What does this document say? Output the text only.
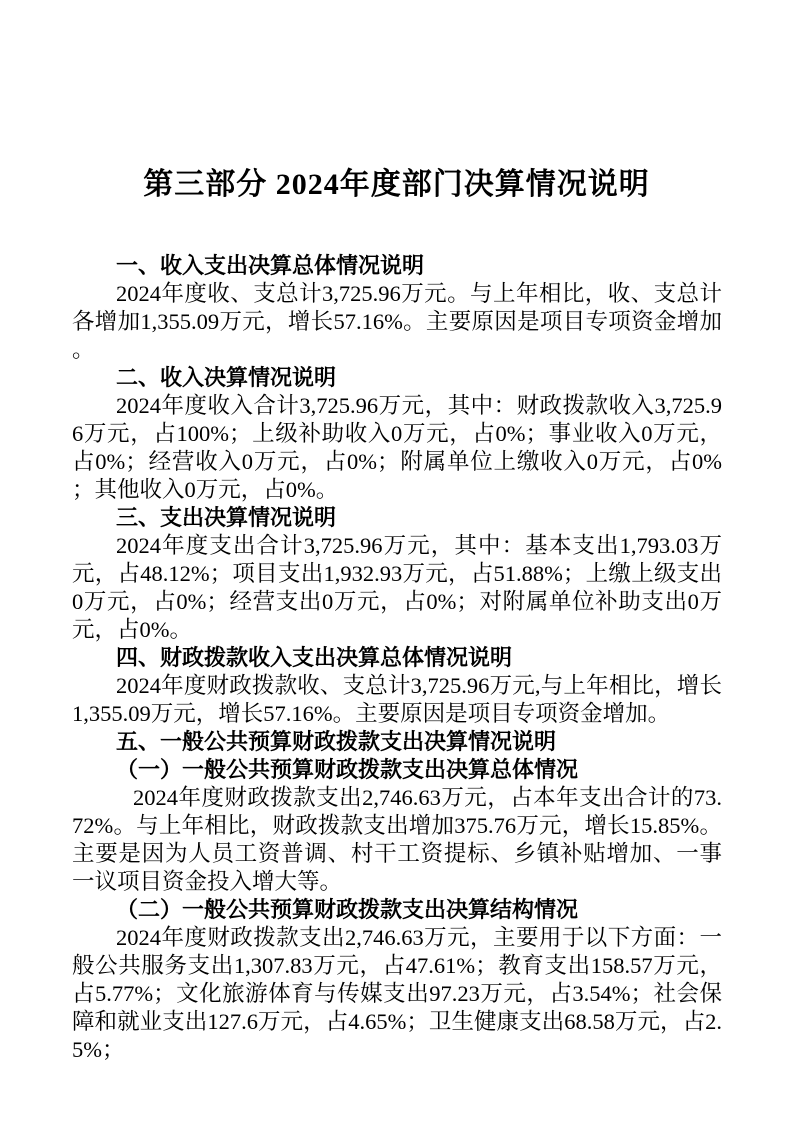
第三部分 2024年度部门决算情况说明
一、收入支出决算总体情况说明

2024年度收、支总计3,725.96万元。与上年相比，收、支总计各增加1,355.09万元，增长57.16%。主要原因是项目专项资金增加。

二、收入决算情况说明

2024年度收入合计3,725.96万元，其中：财政拨款收入3,725.96万元，占100%；上级补助收入0万元，占0%；事业收入0万元，占0%；经营收入0万元，占0%；附属单位上缴收入0万元，占0%；其他收入0万元，占0%。

三、支出决算情况说明

2024年度支出合计3,725.96万元，其中：基本支出1,793.03万元，占48.12%；项目支出1,932.93万元，占51.88%；上缴上级支出0万元，占0%；经营支出0万元，占0%；对附属单位补助支出0万元，占0%。

四、财政拨款收入支出决算总体情况说明

2024年度财政拨款收、支总计3,725.96万元,与上年相比，增长1,355.09万元，增长57.16%。主要原因是项目专项资金增加。

五、一般公共预算财政拨款支出决算情况说明
（一）一般公共预算财政拨款支出决算总体情况

2024年度财政拨款支出2,746.63万元，占本年支出合计的73.72%。与上年相比，财政拨款支出增加375.76万元，增长15.85%。主要是因为人员工资普调、村干工资提标、乡镇补贴增加、一事一议项目资金投入增大等。

（二）一般公共预算财政拨款支出决算结构情况

2024年度财政拨款支出2,746.63万元，主要用于以下方面：一般公共服务支出1,307.83万元，占47.61%；教育支出158.57万元，占5.77%；文化旅游体育与传媒支出97.23万元，占3.54%；社会保障和就业支出127.6万元，占4.65%；卫生健康支出68.58万元，占2.5%；
